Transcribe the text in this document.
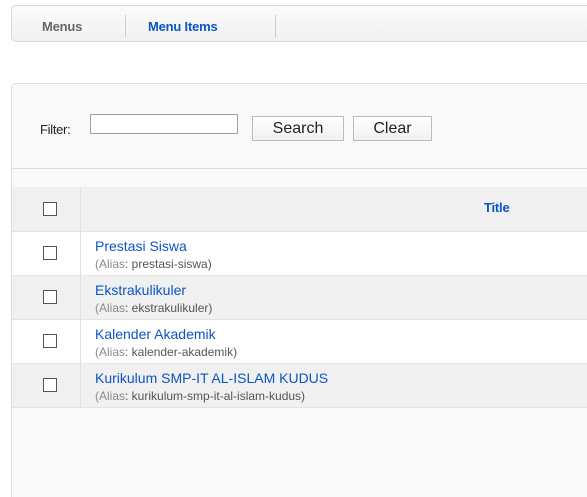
Menus	Menu Items
Filter:	Search	Clear

	Title

	Prestasi Siswa
(Alias: prestasi-siswa)

	Ekstrakulikuler
(Alias: ekstrakulikuler)

	Kalender Akademik
(Alias: kalender-akademik)

	Kurikulum SMP-IT AL-ISLAM KUDUS
(Alias: kurikulum-smp-it-al-islam-kudus)
